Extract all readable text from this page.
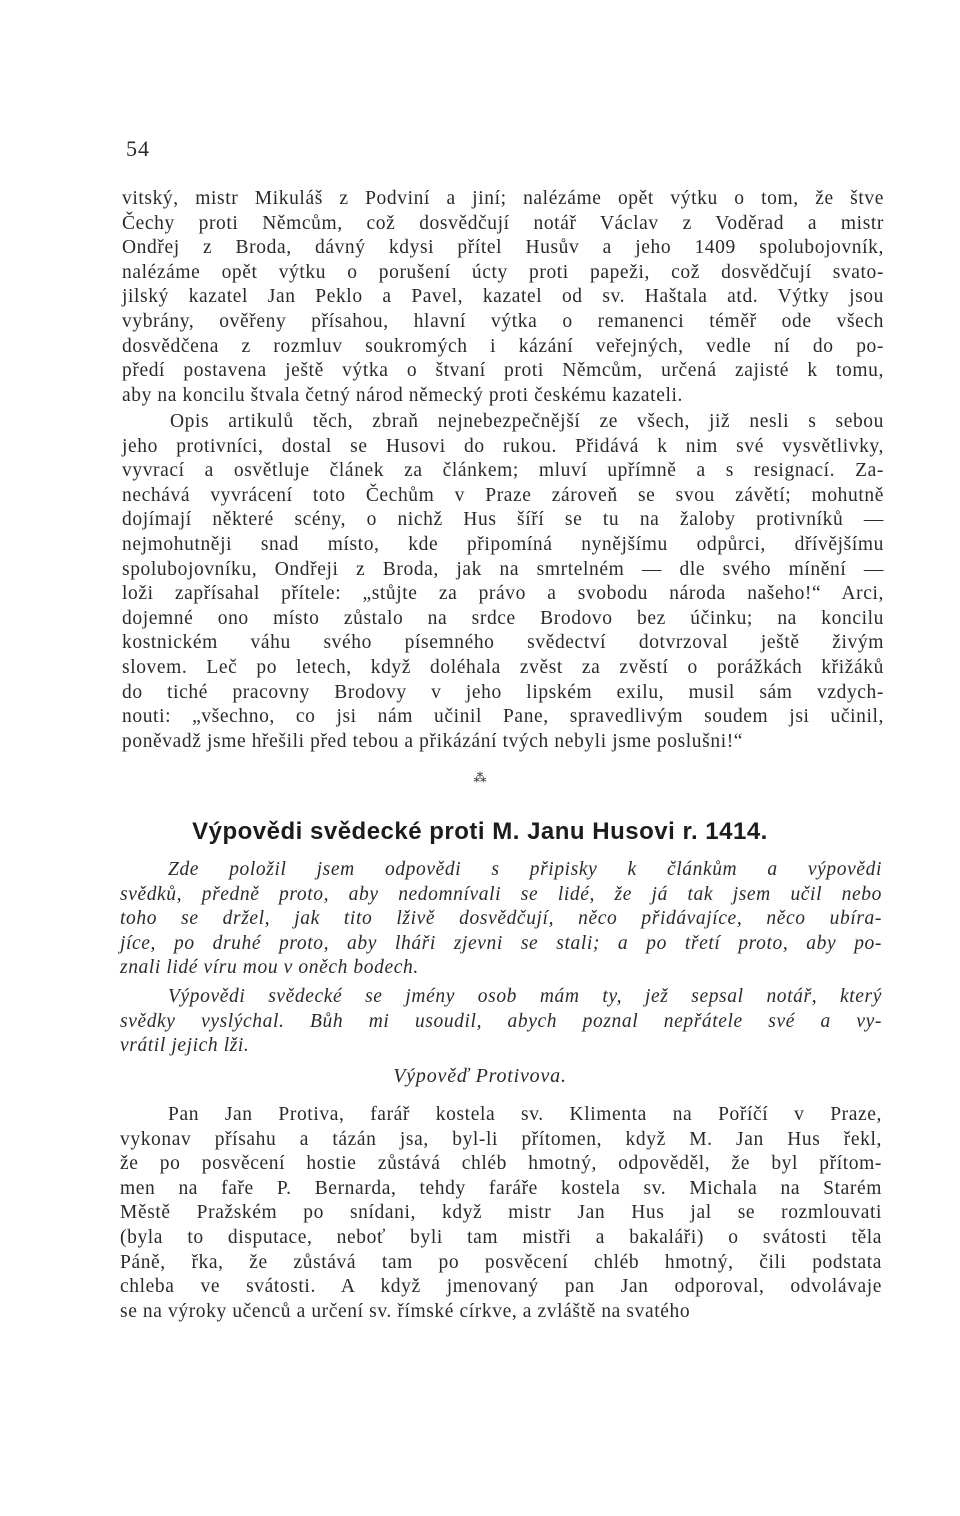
54
vitský, mistr Mikuláš z Podviní a jiní; nalézáme opět výtku o tom, že štve
Čechy proti Němcům, což dosvědčují notář Václav z Voděrad a mistr
Ondřej z Broda, dávný kdysi přítel Husův a jeho 1409 spolubojovník,
nalézáme opět výtku o porušení úcty proti papeži, což dosvědčují svato-
jilský kazatel Jan Peklo a Pavel, kazatel od sv. Haštala atd. Výtky jsou
vybrány, ověřeny přísahou, hlavní výtka o remanenci téměř ode všech
dosvědčena z rozmluv soukromých i kázání veřejných, vedle ní do po-
předí postavena ještě výtka o štvaní proti Němcům, určená zajisté k tomu,
aby na koncilu štvala četný národ německý proti českému kazateli.
Opis artikulů těch, zbraň nejnebezpečnější ze všech, již nesli s sebou
jeho protivníci, dostal se Husovi do rukou. Přidává k nim své vysvětlivky,
vyvrací a osvětluje článek za článkem; mluví upřímně a s resignací. Za-
nechává vyvrácení toto Čechům v Praze zároveň se svou závětí; mohutně
dojímají některé scény, o nichž Hus šíří se tu na žaloby protivníků —
nejmohutněji snad místo, kde připomíná nynějšímu odpůrci, dřívějšímu
spolubojovníku, Ondřeji z Broda, jak na smrtelném — dle svého mínění —
loži zapřísahal přítele: „stůjte za právo a svobodu národa našeho!“ Arci,
dojemné ono místo zůstalo na srdce Brodovo bez účinku; na koncilu
kostnickém váhu svého písemného svědectví dotvrzoval ještě živým
slovem. Leč po letech, když doléhala zvěst za zvěstí o porážkách křižáků
do tiché pracovny Brodovy v jeho lipském exilu, musil sám vzdych-
nouti: „všechno, co jsi nám učinil Pane, spravedlivým soudem jsi učinil,
poněvadž jsme hřešili před tebou a přikázání tvých nebyli jsme poslušni!“
⁂
Výpovědi svědecké proti M. Janu Husovi r. 1414.
Zde položil jsem odpovědi s připisky k článkům a výpovědi
svědků, předně proto, aby nedomnívali se lidé, že já tak jsem učil nebo
toho se držel, jak tito lživě dosvědčují, něco přidávajíce, něco ubíra-
jíce, po druhé proto, aby lháři zjevni se stali; a po třetí proto, aby po-
znali lidé víru mou v oněch bodech.
Výpovědi svědecké se jmény osob mám ty, jež sepsal notář, který
svědky vyslýchal. Bůh mi usoudil, abych poznal nepřátele své a vy-
vrátil jejich lži.
Výpověď Protivova.
Pan Jan Protiva, farář kostela sv. Klimenta na Poříčí v Praze,
vykonav přísahu a tázán jsa, byl-li přítomen, když M. Jan Hus řekl,
že po posvěcení hostie zůstává chléb hmotný, odpověděl, že byl přítom-
men na faře P. Bernarda, tehdy faráře kostela sv. Michala na Starém
Městě Pražském po snídani, když mistr Jan Hus jal se rozmlouvati
(byla to disputace, neboť byli tam mistři a bakaláři) o svátosti těla
Páně, řka, že zůstává tam po posvěcení chléb hmotný, čili podstata
chleba ve svátosti. A když jmenovaný pan Jan odporoval, odvolávaje
se na výroky učenců a určení sv. římské církve, a zvláště na svatého
